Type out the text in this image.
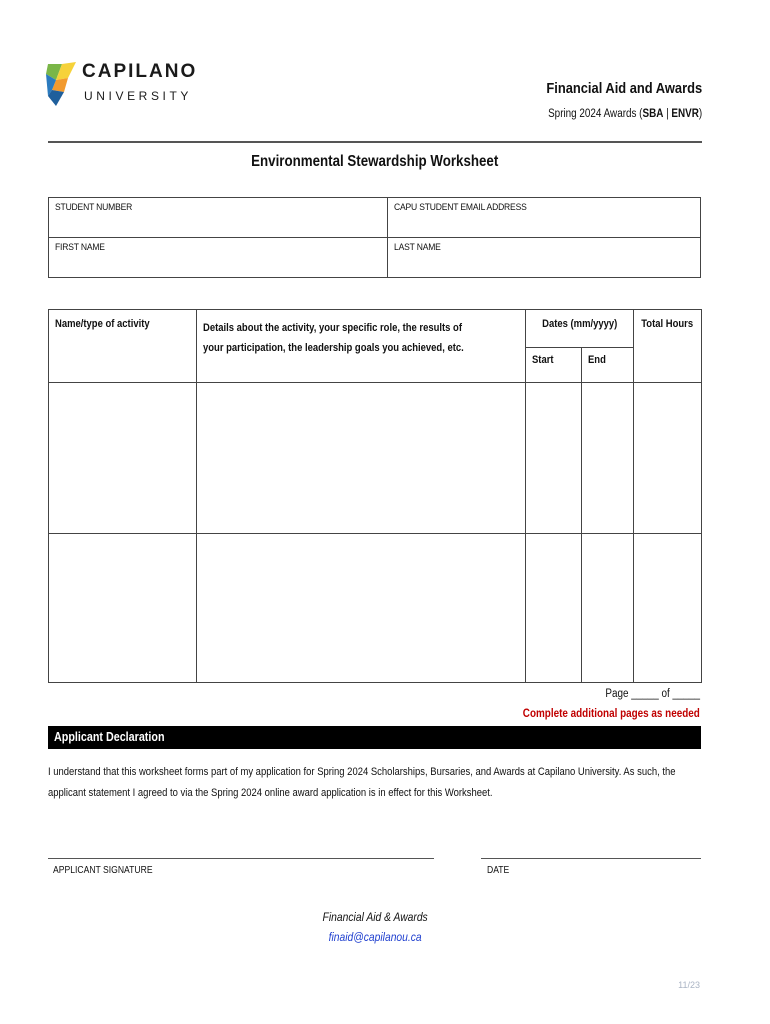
CAPILANO
UNIVERSITY	Financial Aid and Awards
Spring 2024 Awards (SBA | ENVR)
Environmental Stewardship Worksheet
STUDENT NUMBER	CAPU STUDENT EMAIL ADDRESS
FIRST NAME	LAST NAME
Name/type of activity	Details about the activity, your specific role, the results of your participation, the leadership goals you achieved, etc.	Dates (mm/yyyy)		Total Hours
		Start	End	

Page _____ of _____
Complete additional pages as needed
Applicant Declaration
I understand that this worksheet forms part of my application for Spring 2024 Scholarships, Bursaries, and Awards at Capilano University. As such, the applicant statement I agreed to via the Spring 2024 online award application is in effect for this Worksheet.
APPLICANT SIGNATURE	DATE
Financial Aid & Awards
finaid@capilanou.ca
11/23
